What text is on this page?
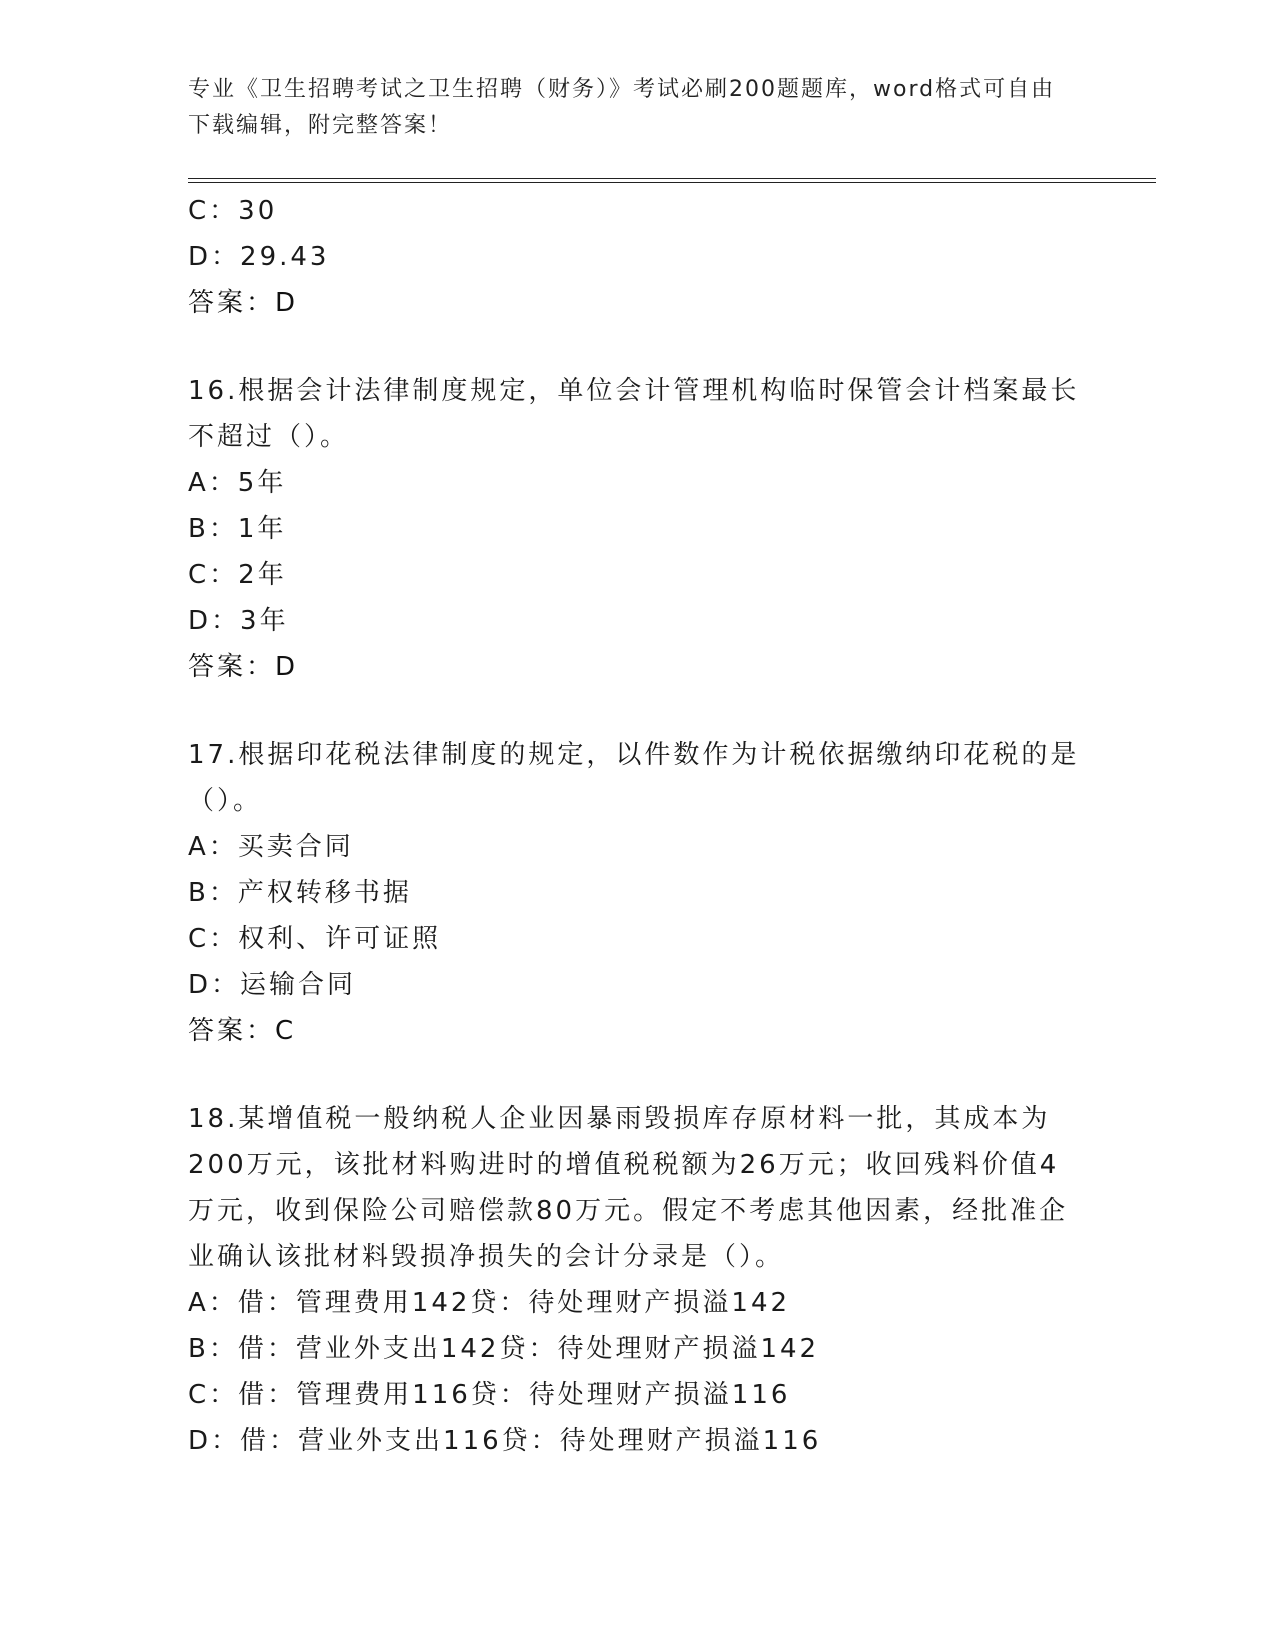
专业《卫生招聘考试之卫生招聘（财务）》考试必刷200题题库，word格式可自由下载编辑，附完整答案！
C：30
D：29.43
答案：D
16.根据会计法律制度规定，单位会计管理机构临时保管会计档案最长
不超过（）。
A：5年
B：1年
C：2年
D：3年
答案：D
17.根据印花税法律制度的规定，以件数作为计税依据缴纳印花税的是
（）。
A：买卖合同
B：产权转移书据
C：权利、许可证照
D：运输合同
答案：C
18.某增值税一般纳税人企业因暴雨毁损库存原材料一批，其成本为
200万元，该批材料购进时的增值税税额为26万元；收回残料价值4
万元，收到保险公司赔偿款80万元。假定不考虑其他因素，经批准企
业确认该批材料毁损净损失的会计分录是（）。
A：借：管理费用142贷：待处理财产损溢142
B：借：营业外支出142贷：待处理财产损溢142
C：借：管理费用116贷：待处理财产损溢116
D：借：营业外支出116贷：待处理财产损溢116
